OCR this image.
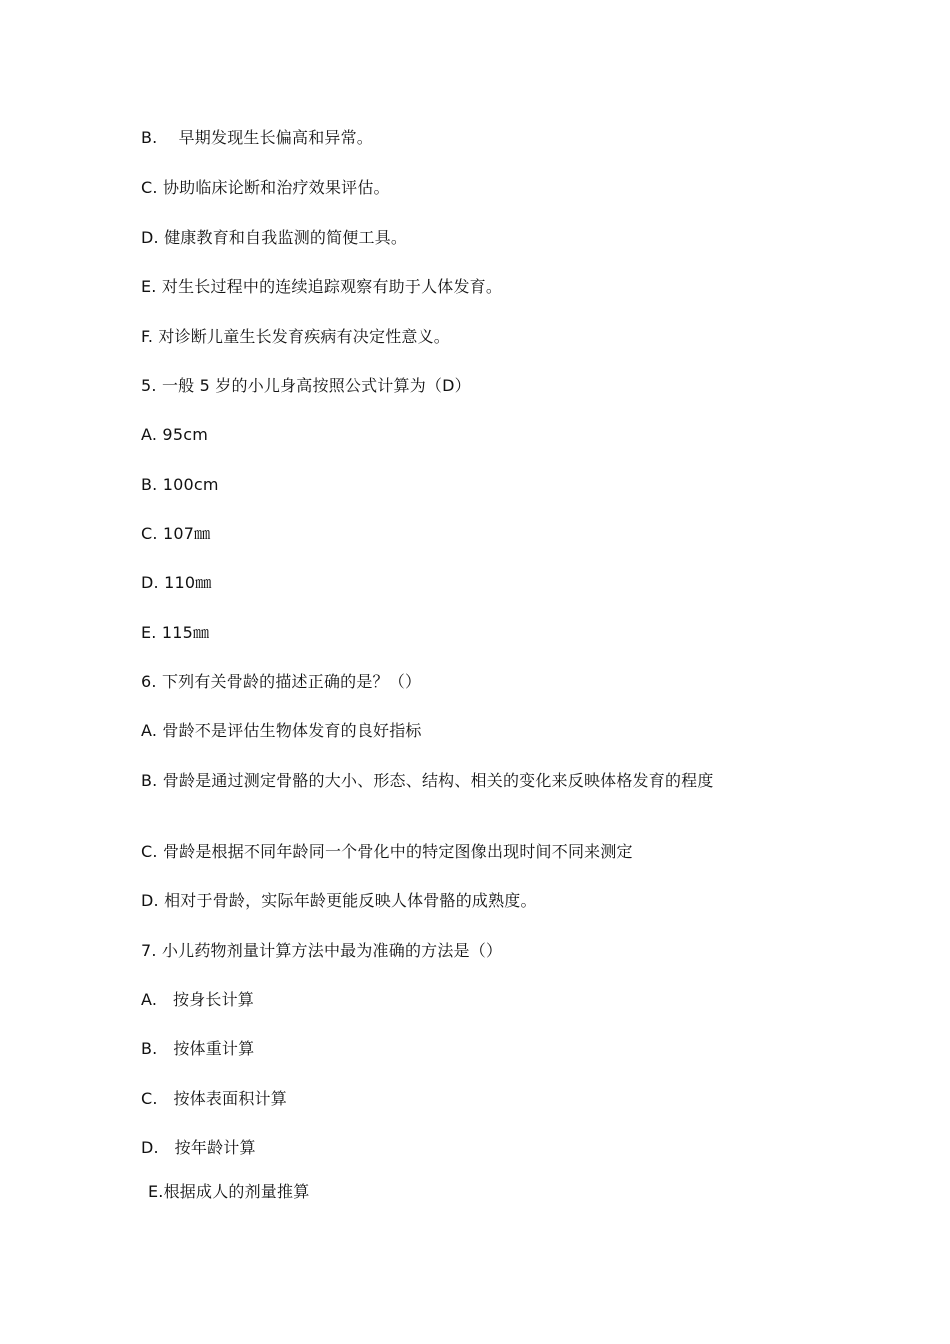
B.    早期发现生长偏高和异常。
C. 协助临床论断和治疗效果评估。
D. 健康教育和自我监测的简便工具。
E. 对生长过程中的连续追踪观察有助于人体发育。
F. 对诊断儿童生长发育疾病有决定性意义。
5. 一般 5 岁的小儿身高按照公式计算为（D）
A. 95cm
B. 100cm
C. 107㎜
D. 110㎜
E. 115㎜
6. 下列有关骨龄的描述正确的是？（）
A. 骨龄不是评估生物体发育的良好指标
B. 骨龄是通过测定骨骼的大小、形态、结构、相关的变化来反映体格发育的程度
C. 骨龄是根据不同年龄同一个骨化中的特定图像出现时间不同来测定
D. 相对于骨龄，实际年龄更能反映人体骨骼的成熟度。
7. 小儿药物剂量计算方法中最为准确的方法是（）
A.   按身长计算
B.   按体重计算
C.   按体表面积计算
D.   按年龄计算
E.根据成人的剂量推算
